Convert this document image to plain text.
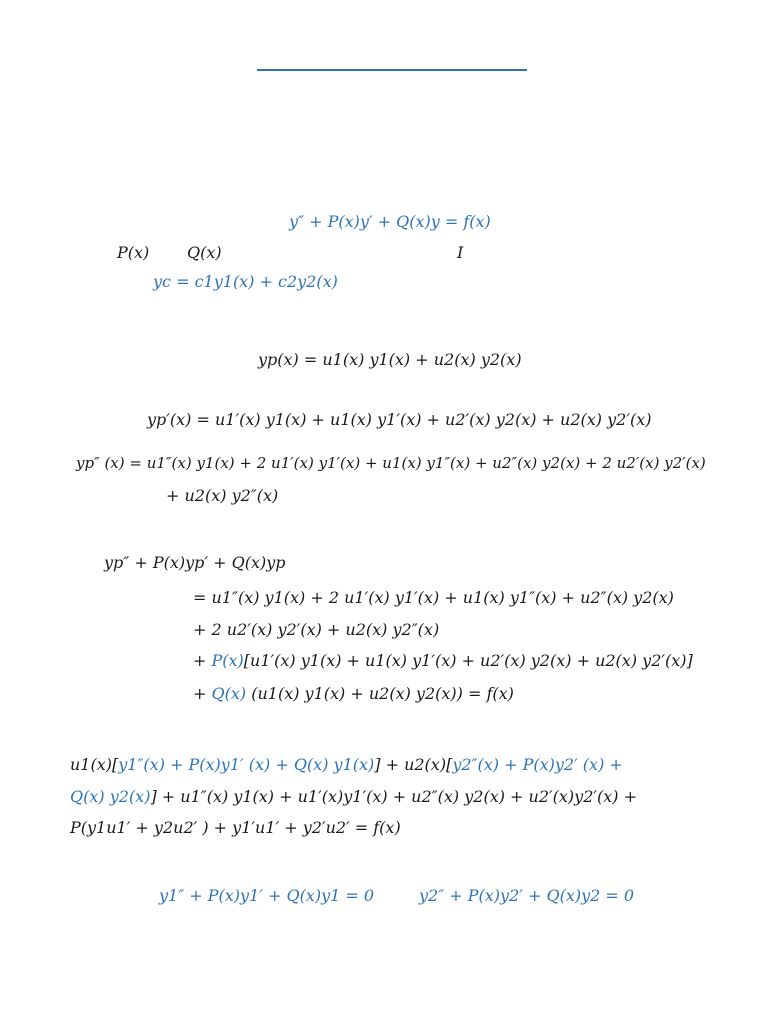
y″ + P(x)y′ + Q(x)y = f(x)
P(x) Q(x)	I
yc = c1y1(x) + c2y2(x)
yp(x) = u1(x) y1(x) + u2(x) y2(x)
yp′(x) = u1′(x) y1(x) + u1(x) y1′(x) + u2′(x) y2(x) + u2(x) y2′(x)
yp″ (x) = u1″(x) y1(x) + 2 u1′(x) y1′(x) + u1(x) y1″(x) + u2″(x) y2(x) + 2 u2′(x) y2′(x)
+ u2(x) y2″(x)
yp″ + P(x)yp′ + Q(x)yp
= u1″(x) y1(x) + 2 u1′(x) y1′(x) + u1(x) y1″(x) + u2″(x) y2(x)
+ 2 u2′(x) y2′(x) + u2(x) y2″(x)
+ P(x)[u1′(x) y1(x) + u1(x) y1′(x) + u2′(x) y2(x) + u2(x) y2′(x)]
+ Q(x) (u1(x) y1(x) + u2(x) y2(x)) = f(x)
u1(x)[y1″(x) + P(x)y1′ (x) + Q(x) y1(x)] + u2(x)[y2″(x) + P(x)y2′ (x) +
Q(x) y2(x)] + u1″(x) y1(x) + u1′(x)y1′(x) + u2″(x) y2(x) + u2′(x)y2′(x) +
P(y1u1′ + y2u2′ ) + y1′u1′ + y2′u2′ = f(x)
y1″ + P(x)y1′ + Q(x)y1 = 0	y2″ + P(x)y2′ + Q(x)y2 = 0
